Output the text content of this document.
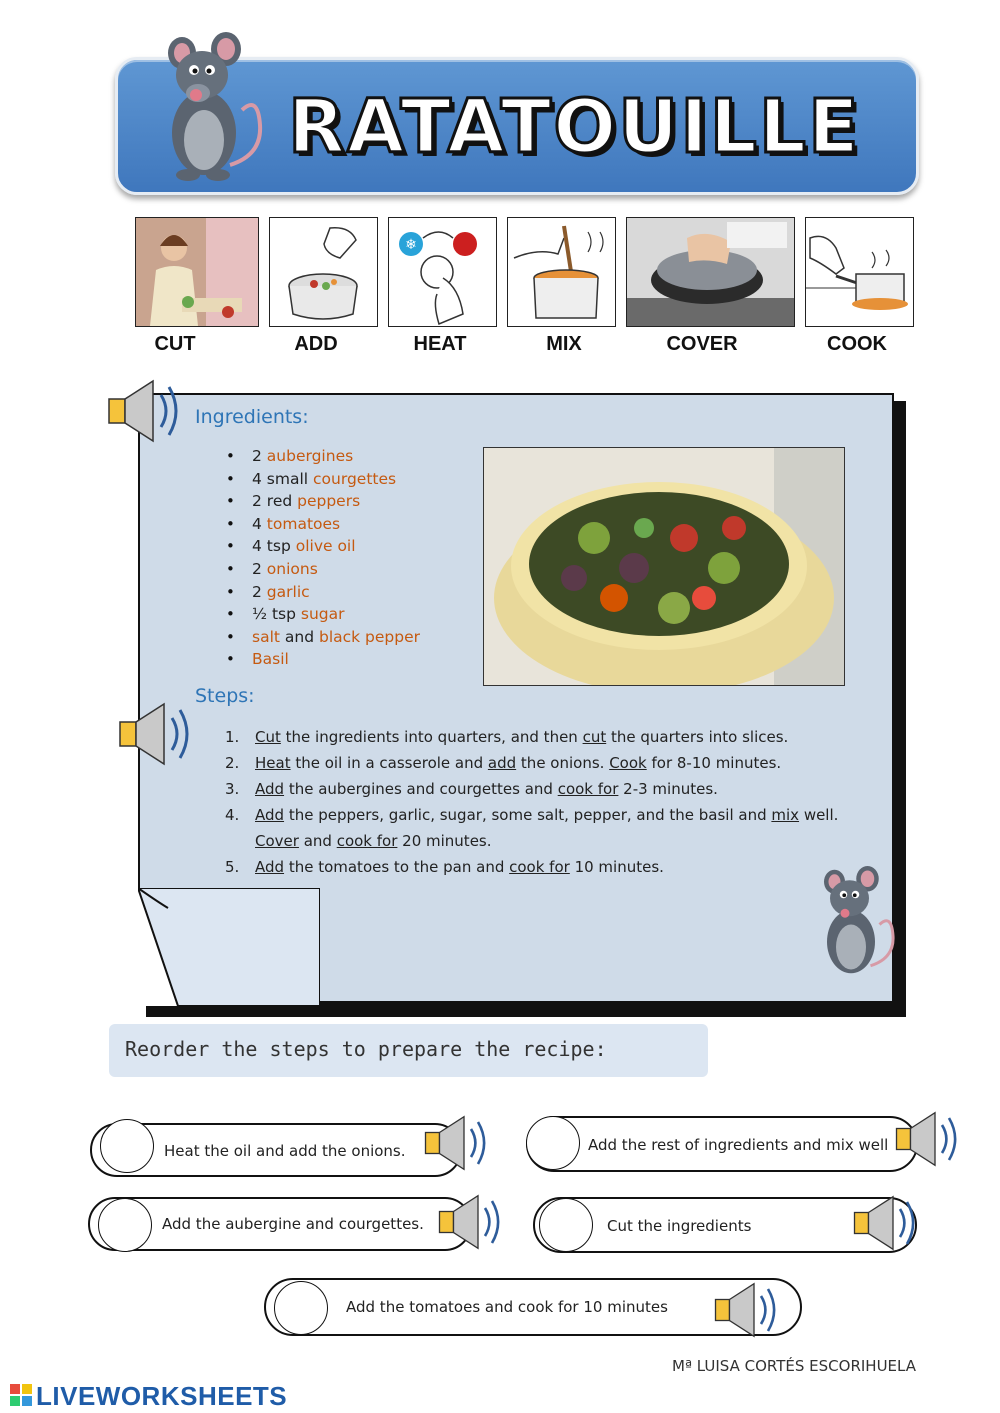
RATATOUILLE
❄
CUT	ADD	HEAT	MIX	COVER	COOK
Ingredients:
• 2 aubergines
• 4 small courgettes
• 2 red peppers
• 4 tomatoes
• 4 tsp olive oil
• 2 onions
• 2 garlic
• ½ tsp sugar
• salt and black pepper
• Basil
Steps:
1. Cut the ingredients into quarters, and then cut the quarters into slices.
2. Heat the oil in a casserole and add the onions. Cook for 8-10 minutes.
3. Add the aubergines and courgettes and cook for 2-3 minutes.
4. Add the peppers, garlic, sugar, some salt, pepper, and the basil and mix well. Cover and cook for 20 minutes.
5. Add the tomatoes to the pan and cook for 10 minutes.
Reorder the steps to prepare the recipe:
Heat the oil and add the onions.	Add the rest of ingredients and mix well
Add the aubergine and courgettes.	Cut the ingredients
Add the tomatoes and cook for 10 minutes
Mª LUISA CORTÉS ESCORIHUELA
LIVEWORKSHEETS
